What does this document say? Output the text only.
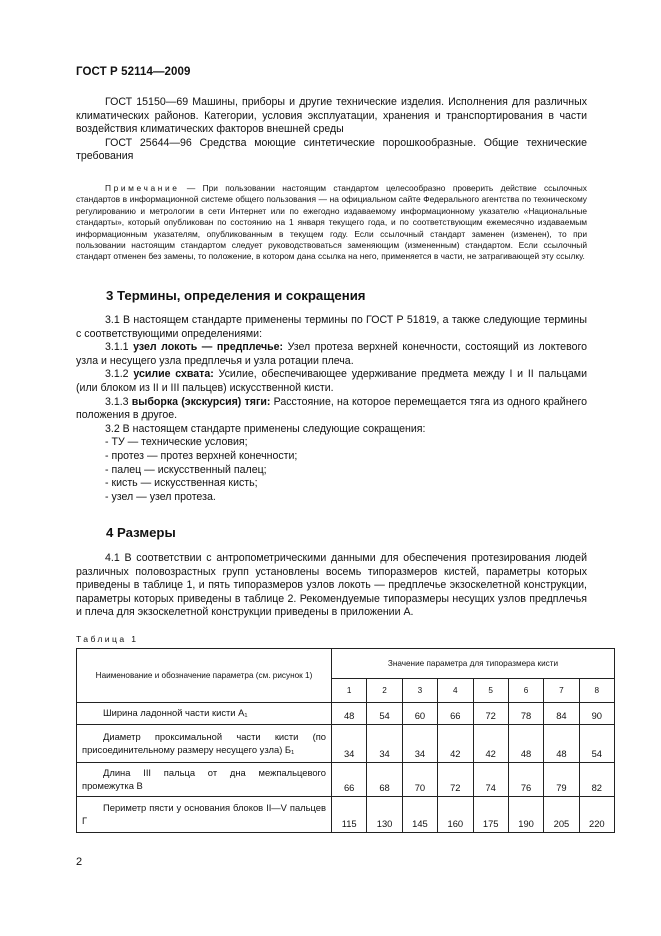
ГОСТ Р 52114—2009

ГОСТ 15150—69 Машины, приборы и другие технические изделия. Исполнения для различных климатических районов. Категории, условия эксплуатации, хранения и транспортирования в части воздействия климатических факторов внешней среды

ГОСТ 25644—96 Средства моющие синтетические порошкообразные. Общие технические требования

Примечание — При пользовании настоящим стандартом целесообразно проверить действие ссылочных стандартов в информационной системе общего пользования — на официальном сайте Федерального агентства по техническому регулированию и метрологии в сети Интернет или по ежегодно издаваемому информационному указателю «Национальные стандарты», который опубликован по состоянию на 1 января текущего года, и по соответствующим ежемесячно издаваемым информационным указателям, опубликованным в текущем году. Если ссылочный стандарт заменен (изменен), то при пользовании настоящим стандартом следует руководствоваться заменяющим (измененным) стандартом. Если ссылочный стандарт отменен без замены, то положение, в котором дана ссылка на него, применяется в части, не затрагивающей эту ссылку.

3 Термины, определения и сокращения

3.1 В настоящем стандарте применены термины по ГОСТ Р 51819, а также следующие термины с соответствующими определениями:

3.1.1 узел локоть — предплечье: Узел протеза верхней конечности, состоящий из локтевого узла и несущего узла предплечья и узла ротации плеча.

3.1.2 усилие схвата: Усилие, обеспечивающее удерживание предмета между I и II пальцами (или блоком из II и III пальцев) искусственной кисти.

3.1.3 выборка (экскурсия) тяги: Расстояние, на которое перемещается тяга из одного крайнего положения в другое.

3.2 В настоящем стандарте применены следующие сокращения:

- ТУ — технические условия;

- протез — протез верхней конечности;

- палец — искусственный палец;

- кисть — искусственная кисть;

- узел — узел протеза.

4 Размеры

4.1 В соответствии с антропометрическими данными для обеспечения протезирования людей различных половозрастных групп установлены восемь типоразмеров кистей, параметры которых приведены в таблице 1, и пять типоразмеров узлов локоть — предплечье экзоскелетной конструкции, параметры которых приведены в таблице 2. Рекомендуемые типоразмеры несущих узлов предплечья и плеча для экзоскелетной конструкции приведены в приложении А.

Таблица 1
Наименование и обозначение параметра (см. рисунок 1)	Значение параметра для типоразмера кисти							
	1	2	3	4	5	6	7	8
Ширина ладонной части кисти А₁	48	54	60	66	72	78	84	90
Диаметр проксимальной части кисти (по присоединительному размеру несущего узла) Б₁	34	34	34	42	42	48	48	54
Длина III пальца от дна межпальцевого промежутка В	66	68	70	72	74	76	79	82
Периметр пясти у основания блоков II—V пальцев Г	115	130	145	160	175	190	205	220
2
